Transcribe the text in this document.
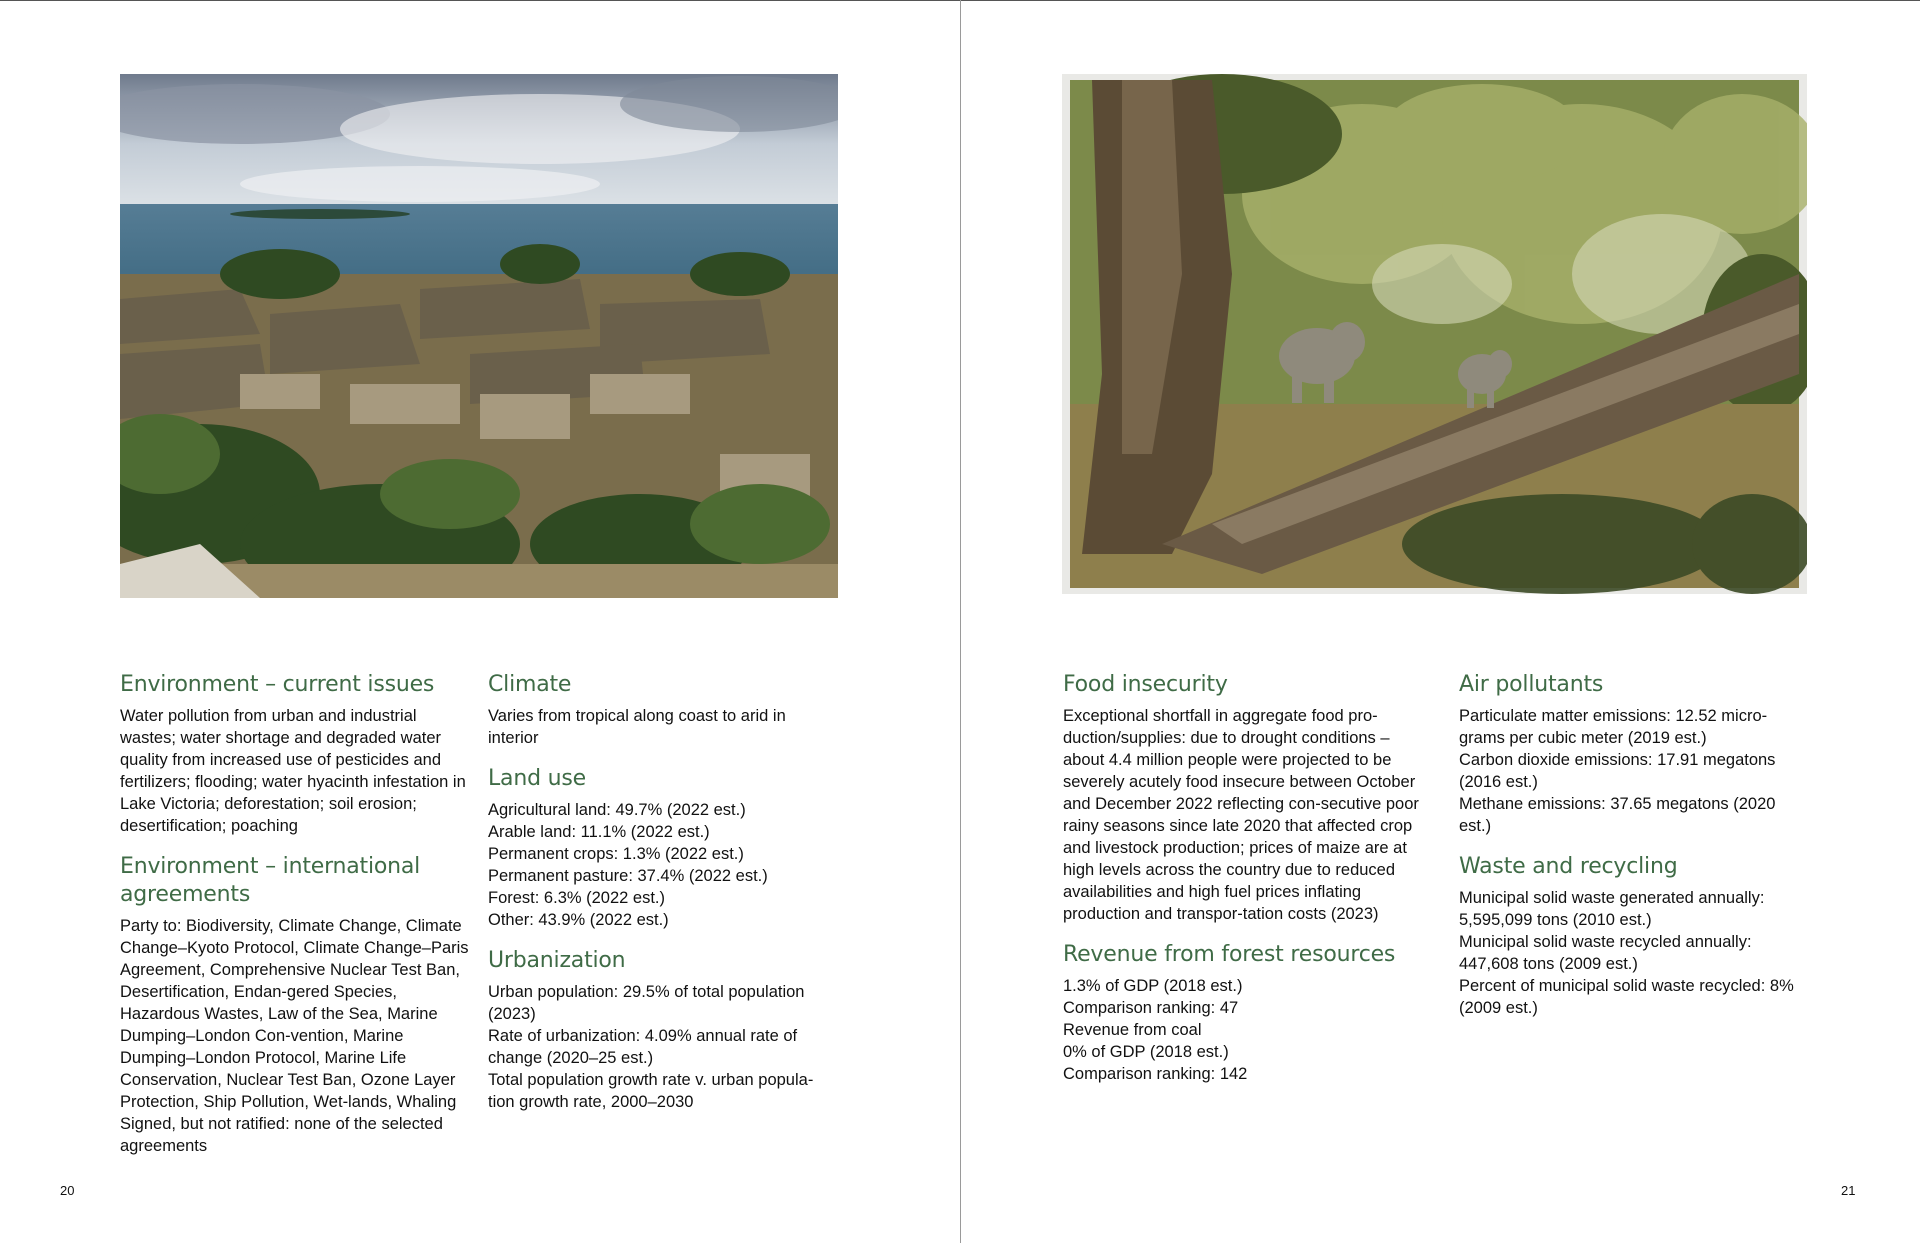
Environment – current issues

Water pollution from urban and industrial wastes; water shortage and degraded water quality from increased use of pesticides and fertilizers; flooding; water hyacinth infestation in Lake Victoria; deforestation; soil erosion; desertification; poaching

Environment – international agreements

Party to: Biodiversity, Climate Change, Climate Change–Kyoto Protocol, Climate Change–Paris Agreement, Comprehensive Nuclear Test Ban, Desertification, Endan-gered Species, Hazardous Wastes, Law of the Sea, Marine Dumping–London Con-vention, Marine Dumping–London Protocol, Marine Life Conservation, Nuclear Test Ban, Ozone Layer Protection, Ship Pollution, Wet-lands, Whaling
Signed, but not ratified: none of the selected agreements

Climate

Varies from tropical along coast to arid in interior

Land use

Agricultural land: 49.7% (2022 est.)
Arable land: 11.1% (2022 est.)
Permanent crops: 1.3% (2022 est.)
Permanent pasture: 37.4% (2022 est.)
Forest: 6.3% (2022 est.)
Other: 43.9% (2022 est.)

Urbanization

Urban population: 29.5% of total population (2023)
Rate of urbanization: 4.09% annual rate of change (2020–25 est.)
Total population growth rate v. urban popula-tion growth rate, 2000–2030

20
Food insecurity

Exceptional shortfall in aggregate food pro-duction/supplies: due to drought conditions – about 4.4 million people were projected to be severely acutely food insecure between October and December 2022 reflecting con-secutive poor rainy seasons since late 2020 that affected crop and livestock production; prices of maize are at high levels across the country due to reduced availabilities and high fuel prices inflating production and transpor-tation costs (2023)

Revenue from forest resources

1.3% of GDP (2018 est.)
Comparison ranking: 47
Revenue from coal
0% of GDP (2018 est.)
Comparison ranking: 142

Air pollutants

Particulate matter emissions: 12.52 micro-grams per cubic meter (2019 est.)
Carbon dioxide emissions: 17.91 megatons (2016 est.)
Methane emissions: 37.65 megatons (2020 est.)

Waste and recycling

Municipal solid waste generated annually: 5,595,099 tons (2010 est.)
Municipal solid waste recycled annually: 447,608 tons (2009 est.)
Percent of municipal solid waste recycled: 8% (2009 est.)

21
